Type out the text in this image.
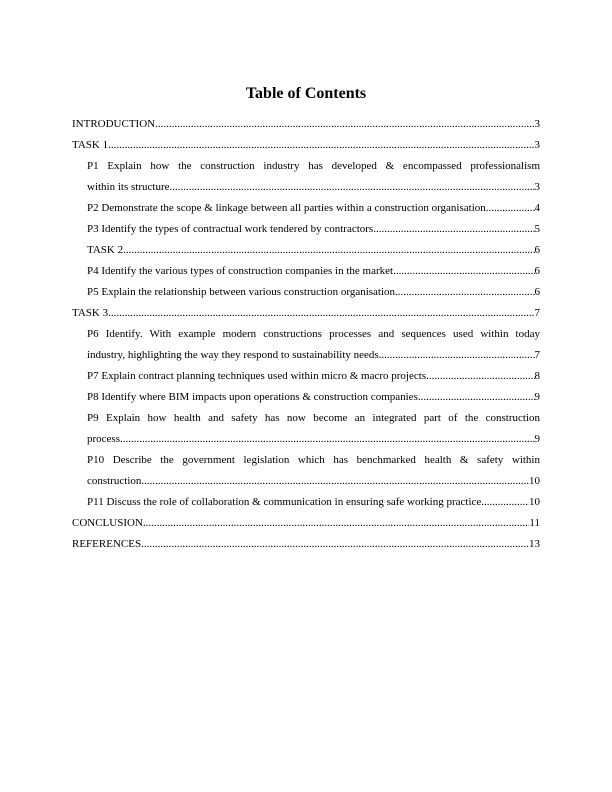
Table of Contents
INTRODUCTION .....	3
TASK 1 .....	3
P1 Explain how the construction industry has developed & encompassed professionalism
within its structure .....	3
P2 Demonstrate the scope & linkage between all parties within a construction organisation. .....	4
P3 Identify the types of contractual work tendered by contractors .....	5
TASK 2 .....	6
P4 Identify the various types of construction companies in the market .....	6
P5 Explain the relationship between various construction organisation .....	6
TASK 3 .....	7
P6 Identify. With example modern constructions processes and sequences used within today
industry, highlighting the way they respond to sustainability needs .....	7
P7 Explain contract planning techniques used within micro & macro projects .....	8
P8 Identify where BIM impacts upon operations & construction companies .....	9
P9 Explain how health and safety has now become an integrated part of the construction
process .....	9
P10 Describe the government legislation which has benchmarked health & safety within
construction .....	10
P11 Discuss the role of collaboration & communication in ensuring safe working practice .....	10
CONCLUSION .....	11
REFERENCES .....	13
